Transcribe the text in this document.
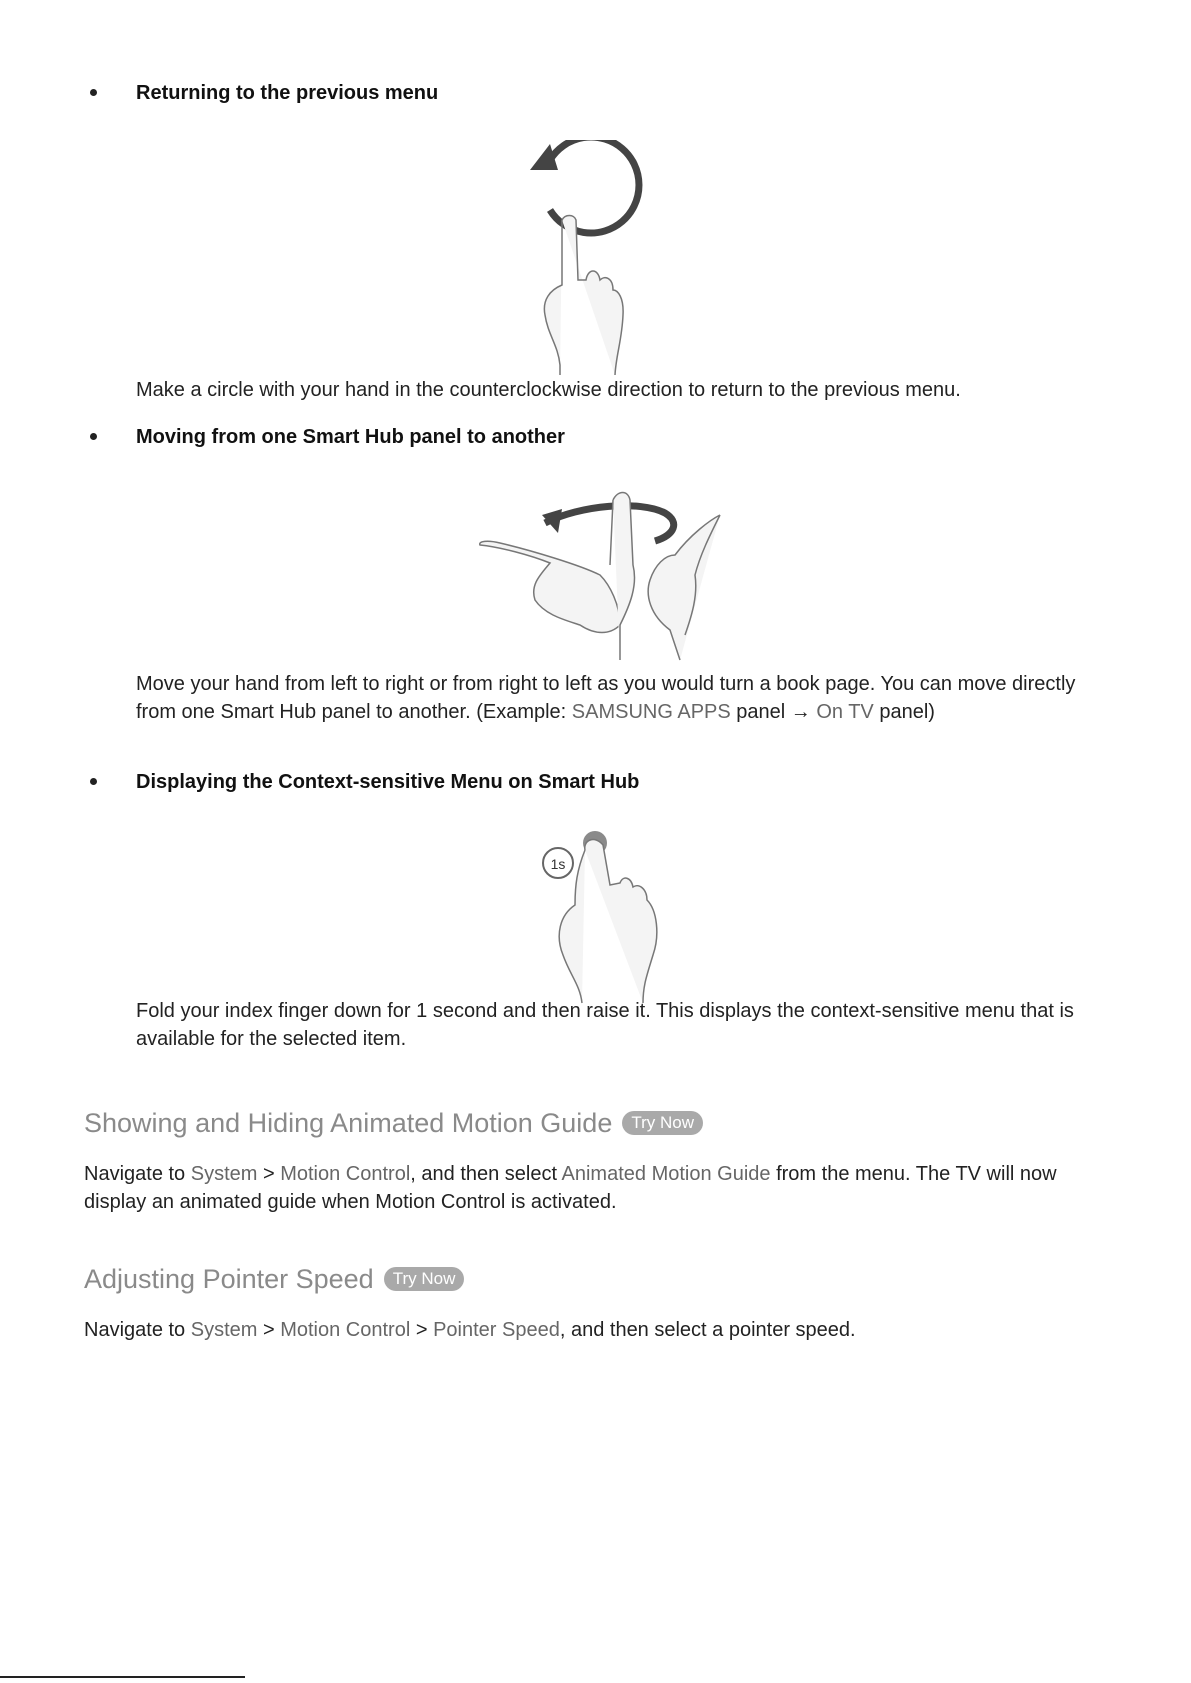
Returning to the previous menu
Make a circle with your hand in the counterclockwise direction to return to the previous menu.
Moving from one Smart Hub panel to another
Move your hand from left to right or from right to left as you would turn a book page. You can move directly from one Smart Hub panel to another. (Example: SAMSUNG APPS panel → On TV panel)
Displaying the Context-sensitive Menu on Smart Hub
1s
Fold your index finger down for 1 second and then raise it. This displays the context-sensitive menu that is available for the selected item.
Showing and Hiding Animated Motion Guide Try Now
Navigate to System > Motion Control, and then select Animated Motion Guide from the menu. The TV will now display an animated guide when Motion Control is activated.
Adjusting Pointer Speed Try Now
Navigate to System > Motion Control > Pointer Speed, and then select a pointer speed.
